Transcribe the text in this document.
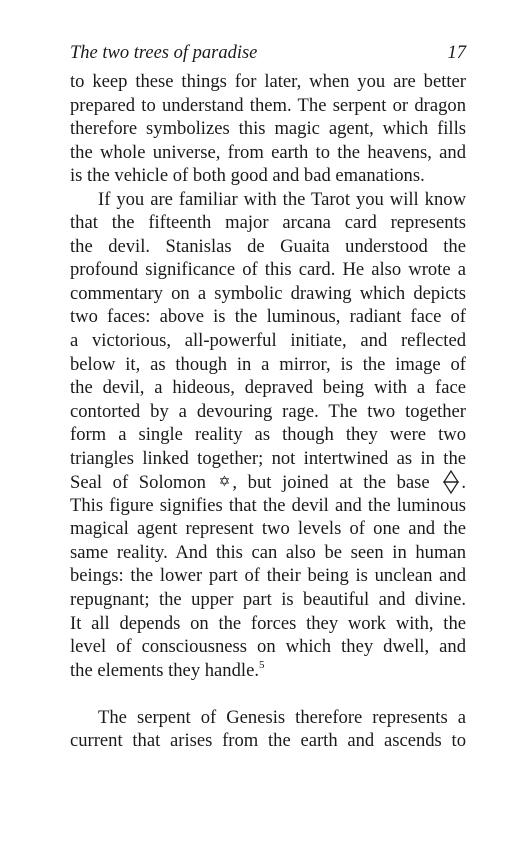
The two trees of paradise	17
to keep these things for later, when you are better
prepared to understand them. The serpent or dragon
therefore symbolizes this magic agent, which fills
the whole universe, from earth to the heavens, and
is the vehicle of both good and bad emanations.
If you are familiar with the Tarot you will know
that the fifteenth major arcana card represents
the devil. Stanislas de Guaita understood the
profound significance of this card. He also wrote a
commentary on a symbolic drawing which depicts
two faces: above is the luminous, radiant face of
a victorious, all-powerful initiate, and reflected
below it, as though in a mirror, is the image of
the devil, a hideous, depraved being with a face
contorted by a devouring rage. The two together
form a single reality as though they were two
triangles linked together; not intertwined as in the
Seal of Solomon ✡ , but joined at the base .
This figure signifies that the devil and the luminous
magical agent represent two levels of one and the
same reality. And this can also be seen in human
beings: the lower part of their being is unclean and
repugnant; the upper part is beautiful and divine.
It all depends on the forces they work with, the
level of consciousness on which they dwell, and
the elements they handle.$^5$
The serpent of Genesis therefore represents a
current that arises from the earth and ascends to
